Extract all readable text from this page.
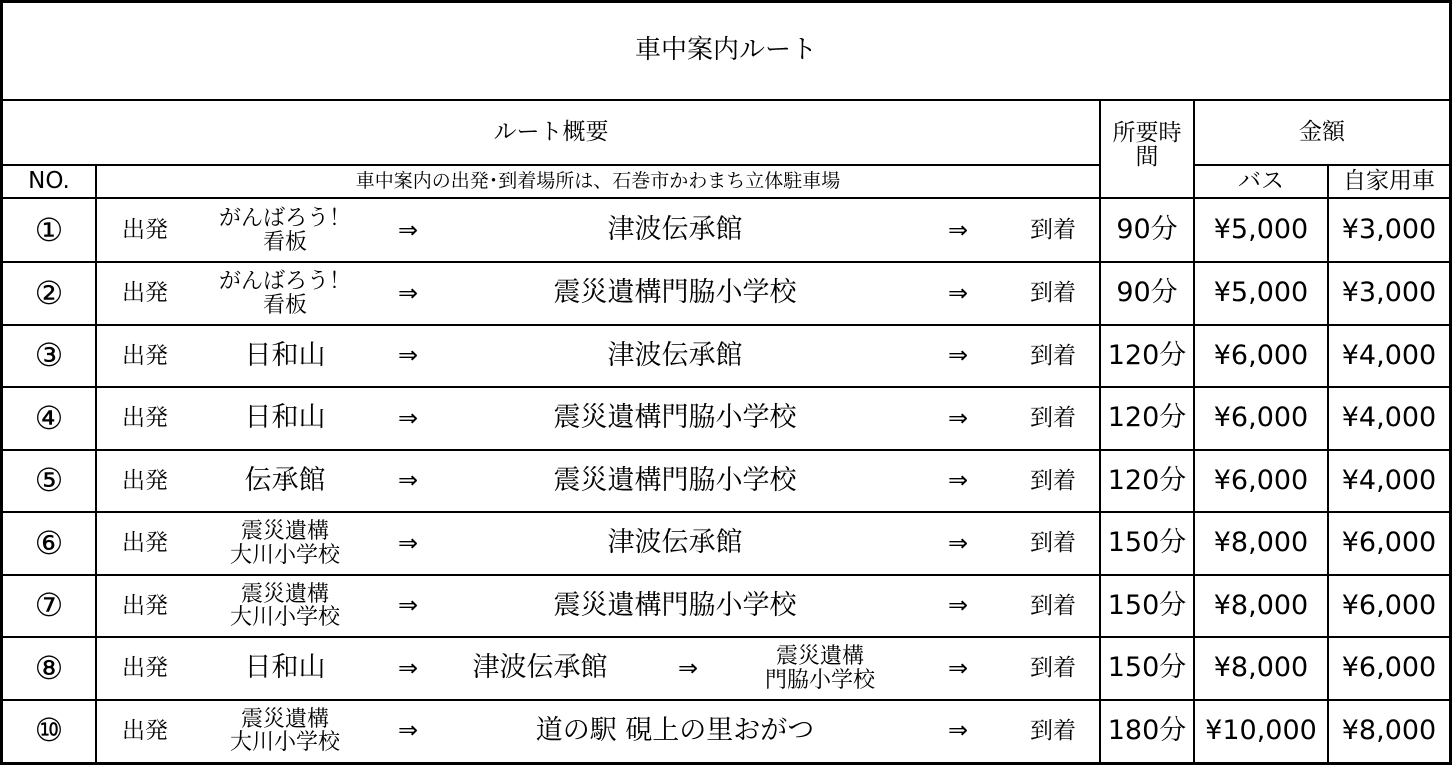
車中案内ルート
ルート概要	所要時
間
金額
NO.	車中案内の出発･到着場所は、石巻市かわまち立体駐車場	バス	自家用車
①	出発	がんばろう！
看板	⇒	津波伝承館	⇒	到着	90分	¥5,000	¥3,000
②	出発	がんばろう！
看板	⇒	震災遺構門脇小学校	⇒	到着	90分	¥5,000	¥3,000
③	出発	日和山	⇒	津波伝承館	⇒	到着	120分	¥6,000	¥4,000
④	出発	日和山	⇒	震災遺構門脇小学校	⇒	到着	120分	¥6,000	¥4,000
⑤	出発	伝承館	⇒	震災遺構門脇小学校	⇒	到着	120分	¥6,000	¥4,000
⑥	出発	震災遺構
大川小学校	⇒	津波伝承館	⇒	到着	150分	¥8,000	¥6,000
⑦	出発	震災遺構
大川小学校	⇒	震災遺構門脇小学校	⇒	到着	150分	¥8,000	¥6,000
⑧	出発	日和山	⇒	津波伝承館	⇒	震災遺構
門脇小学校	⇒	到着	150分	¥8,000	¥6,000
⑩	出発	震災遺構
大川小学校	⇒	道の駅 硯上の里おがつ	⇒	到着	180分 ¥10,000 ¥8,000
